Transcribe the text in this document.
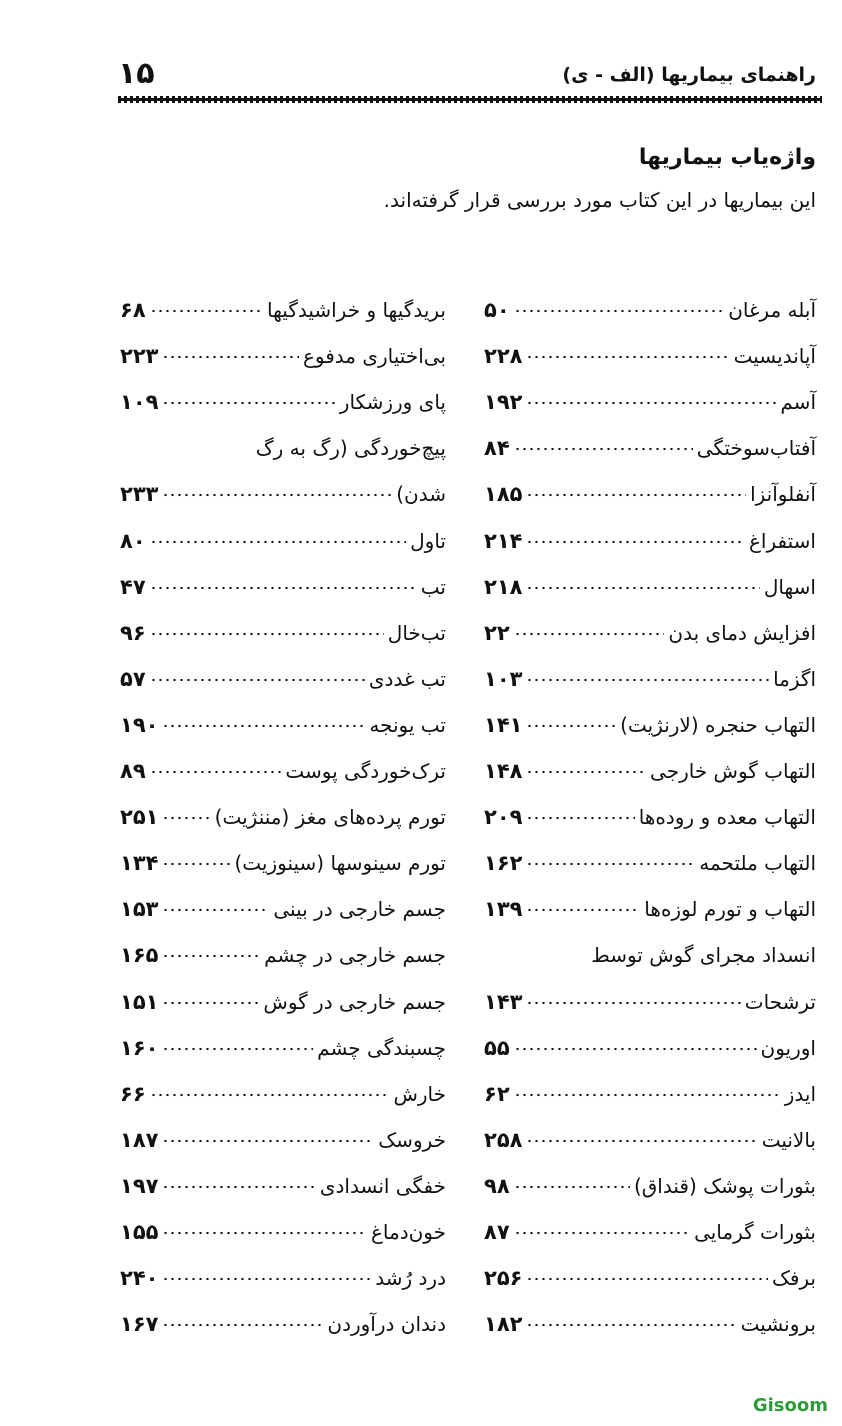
۱۵	راهنمای بیماریها (الف - ی)
واژه‌یاب بیماریها
این بیماریها در این کتاب مورد بررسی قرار گرفته‌اند.
آبله مرغان
۵۰
آپاندیسیت
۲۲۸
آسم
۱۹۲
آفتاب‌سوختگی
۸۴
آنفلوآنزا
۱۸۵
استفراغ
۲۱۴
اسهال
۲۱۸
افزایش دمای بدن
۲۲
اگزما
۱۰۳
التهاب حنجره (لارنژیت)
۱۴۱
التهاب گوش خارجی
۱۴۸
التهاب معده و روده‌ها
۲۰۹
التهاب ملتحمه
۱۶۲
التهاب و تورم لوزه‌ها
۱۳۹
انسداد مجرای گوش توسط
ترشحات
۱۴۳
اوریون
۵۵
ایدز
۶۲
بالانیت
۲۵۸
بثورات پوشک (قنداق)
۹۸
بثورات گرمایی
۸۷
برفک
۲۵۶
برونشیت
۱۸۲
بریدگیها و خراشیدگیها
۶۸
بی‌اختیاری مدفوع
۲۲۳
پای ورزشکار
۱۰۹
پیچ‌خوردگی (رگ به رگ
شدن)
۲۳۳
تاول
۸۰
تب
۴۷
تب‌خال
۹۶
تب غددی
۵۷
تب یونجه
۱۹۰
ترک‌خوردگی پوست
۸۹
تورم پرده‌های مغز (مننژیت)
۲۵۱
تورم سینوسها (سینوزیت)
۱۳۴
جسم خارجی در بینی
۱۵۳
جسم خارجی در چشم
۱۶۵
جسم خارجی در گوش
۱۵۱
چسبندگی چشم
۱۶۰
خارش
۶۶
خروسک
۱۸۷
خفگی انسدادی
۱۹۷
خون‌دماغ
۱۵۵
درد رُشد
۲۴۰
دندان درآوردن
۱۶۷
Gisoom
